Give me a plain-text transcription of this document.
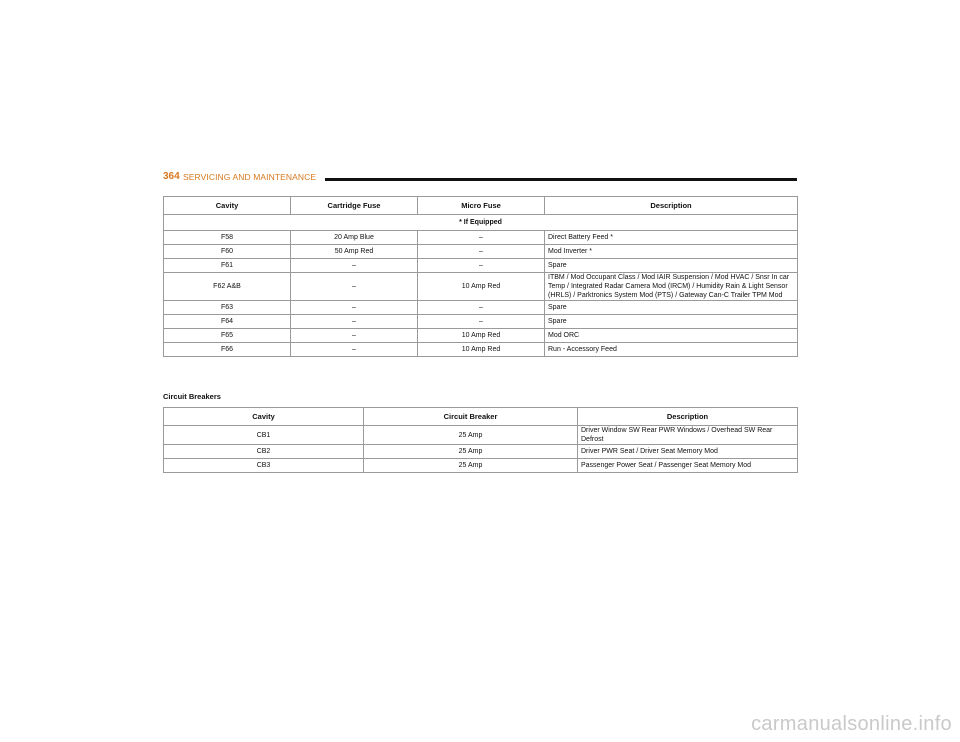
364 SERVICING AND MAINTENANCE
Cavity	Cartridge Fuse	Micro Fuse	Description
* If Equipped			
F58	20 Amp Blue	–	Direct Battery Feed *
F60	50 Amp Red	–	Mod Inverter *
F61	–	–	Spare
F62 A&B	–	10 Amp Red	ITBM / Mod Occupant Class / Mod IAIR Suspension / Mod HVAC / Snsr In car Temp / Integrated Radar Camera Mod (IRCM) / Humidity Rain & Light Sensor (HRLS) / Parktronics System Mod (PTS) / Gateway Can-C Trailer TPM Mod
F63	–	–	Spare
F64	–	–	Spare
F65	–	10 Amp Red	Mod ORC
F66	–	10 Amp Red	Run - Accessory Feed
Circuit Breakers
Cavity	Circuit Breaker	Description
CB1	25 Amp	Driver Window SW Rear PWR Windows / Overhead SW Rear Defrost
CB2	25 Amp	Driver PWR Seat / Driver Seat Memory Mod
CB3	25 Amp	Passenger Power Seat / Passenger Seat Memory Mod
carmanualsonline.info
